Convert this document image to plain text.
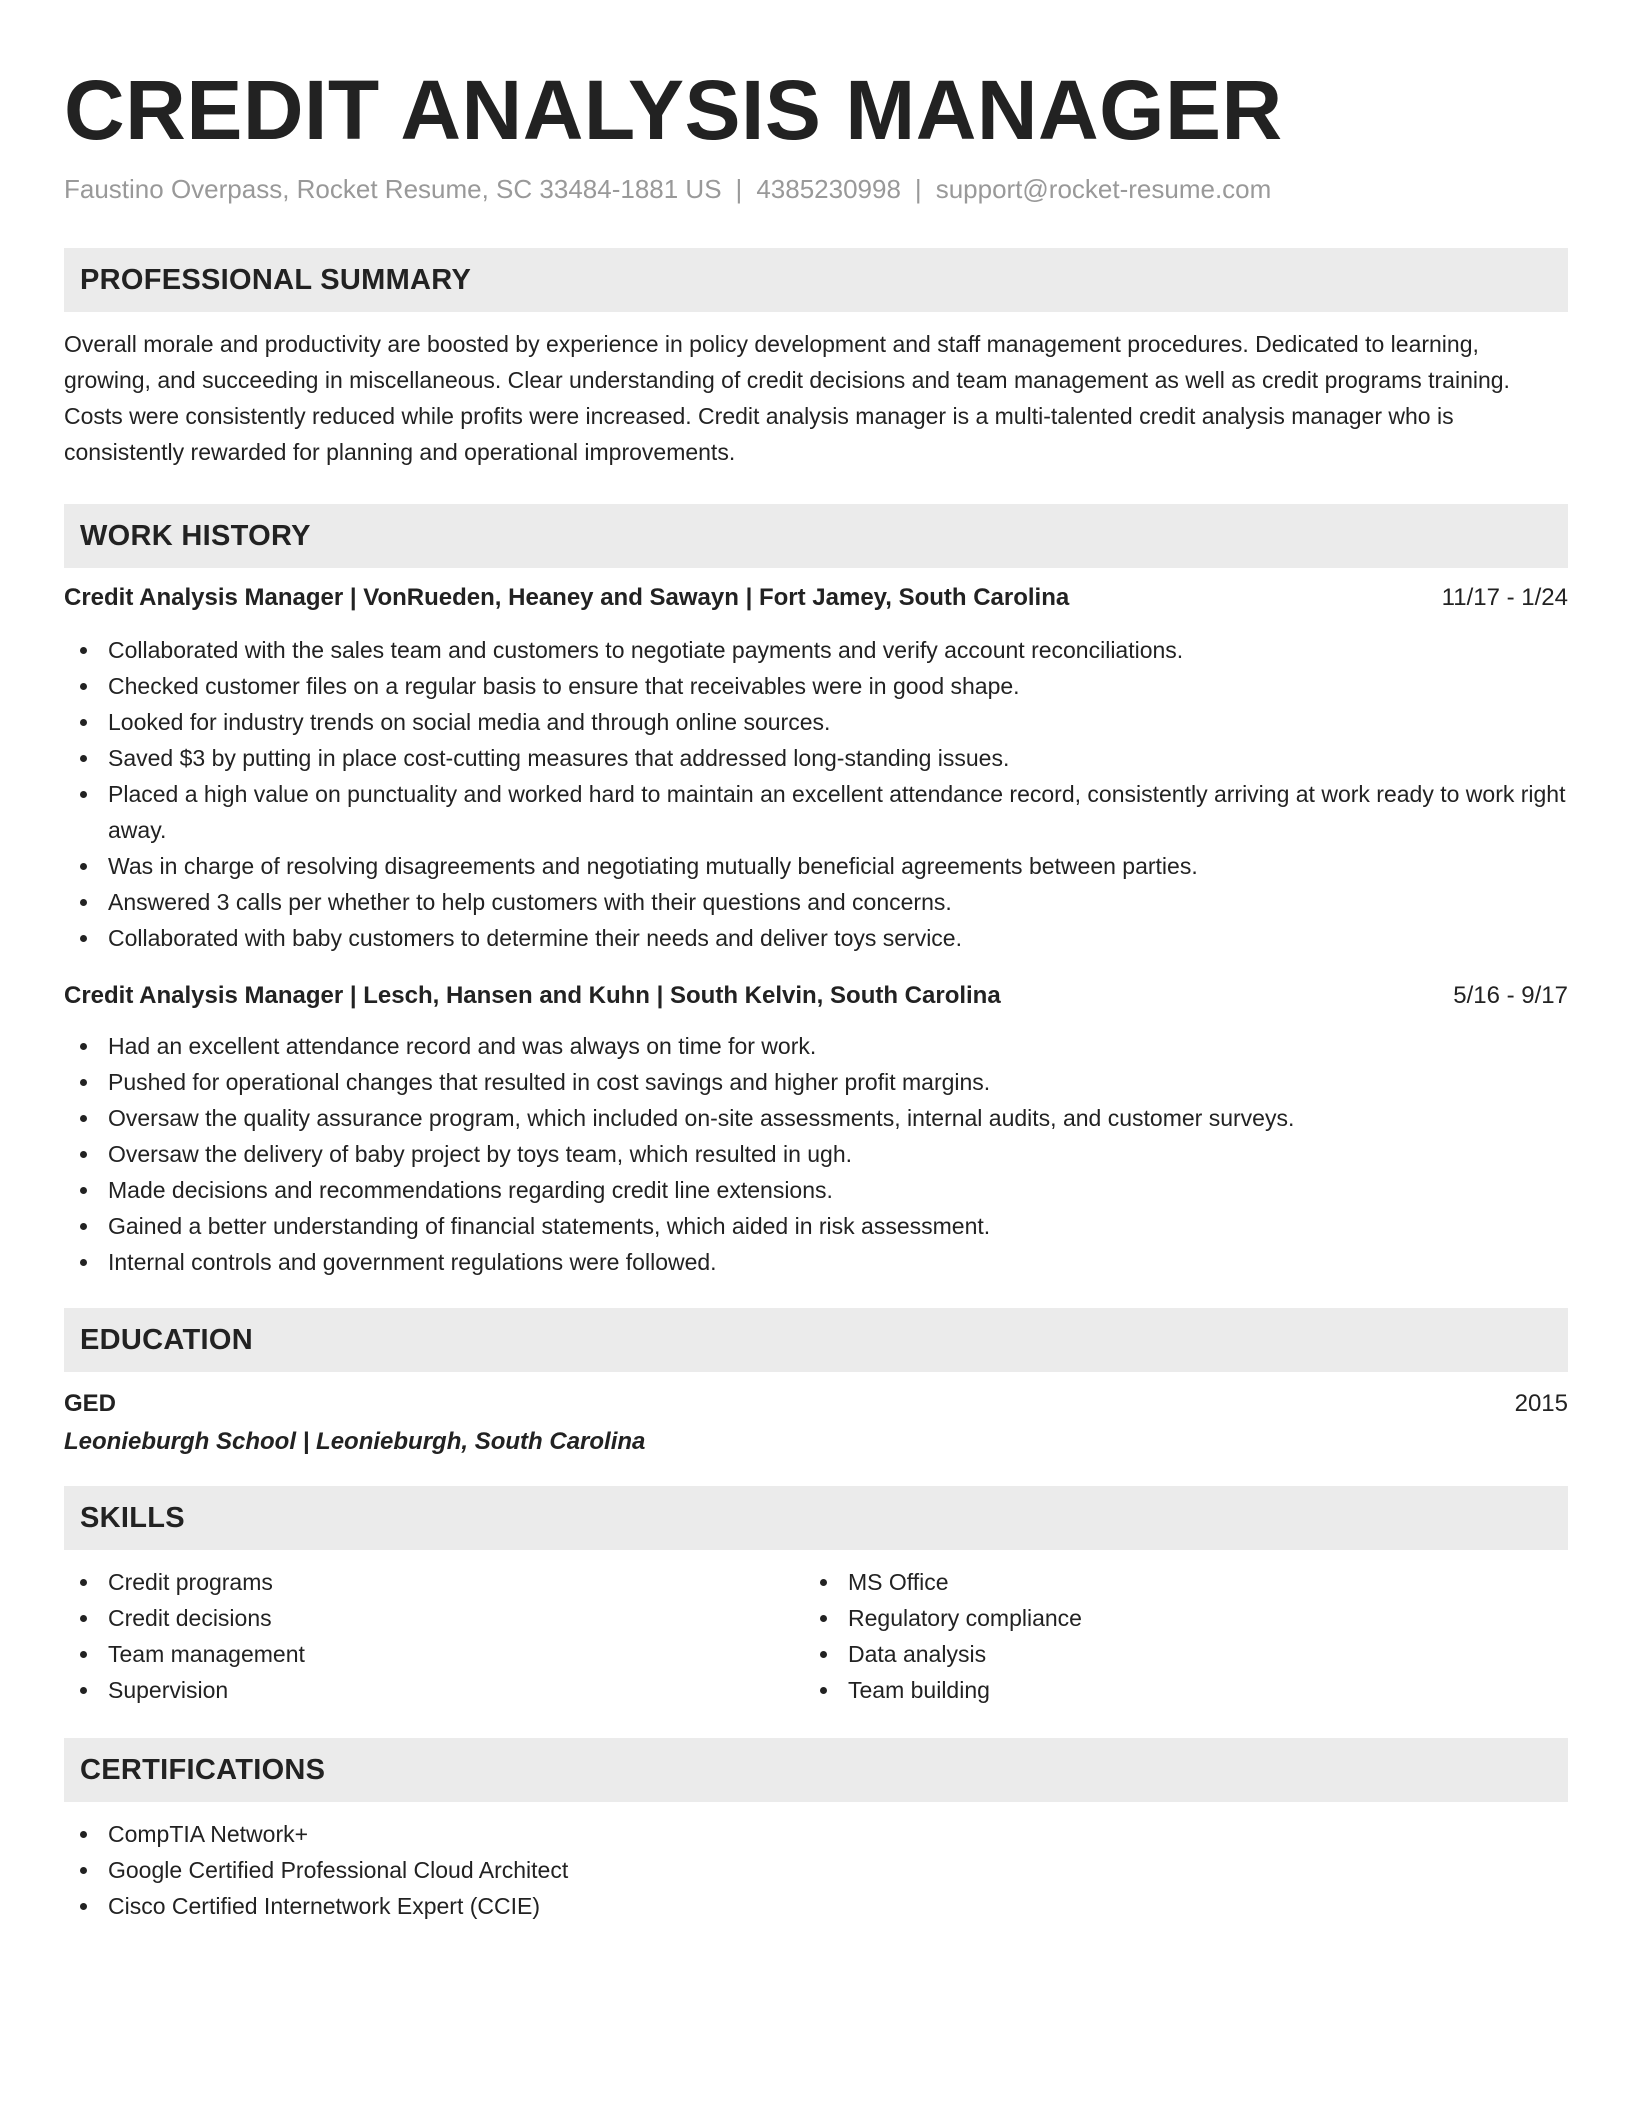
CREDIT ANALYSIS MANAGER
Faustino Overpass, Rocket Resume, SC 33484-1881 US | 4385230998 | support@rocket-resume.com
PROFESSIONAL SUMMARY

Overall morale and productivity are boosted by experience in policy development and staff management procedures. Dedicated to learning, growing, and succeeding in miscellaneous. Clear understanding of credit decisions and team management as well as credit programs training. Costs were consistently reduced while profits were increased. Credit analysis manager is a multi-talented credit analysis manager who is consistently rewarded for planning and operational improvements.

WORK HISTORY
Credit Analysis Manager | VonRueden, Heaney and Sawayn | Fort Jamey, South Carolina	11/17 - 1/24
Collaborated with the sales team and customers to negotiate payments and verify account reconciliations.
Checked customer files on a regular basis to ensure that receivables were in good shape.
Looked for industry trends on social media and through online sources.
Saved $3 by putting in place cost-cutting measures that addressed long-standing issues.
Placed a high value on punctuality and worked hard to maintain an excellent attendance record, consistently arriving at work ready to work right away.
Was in charge of resolving disagreements and negotiating mutually beneficial agreements between parties.
Answered 3 calls per whether to help customers with their questions and concerns.
Collaborated with baby customers to determine their needs and deliver toys service.
Credit Analysis Manager | Lesch, Hansen and Kuhn | South Kelvin, South Carolina	5/16 - 9/17
Had an excellent attendance record and was always on time for work.
Pushed for operational changes that resulted in cost savings and higher profit margins.
Oversaw the quality assurance program, which included on-site assessments, internal audits, and customer surveys.
Oversaw the delivery of baby project by toys team, which resulted in ugh.
Made decisions and recommendations regarding credit line extensions.
Gained a better understanding of financial statements, which aided in risk assessment.
Internal controls and government regulations were followed.
EDUCATION
GED	2015
Leonieburgh School | Leonieburgh, South Carolina
SKILLS
Credit programs
Credit decisions
Team management
Supervision
MS Office
Regulatory compliance
Data analysis
Team building
CERTIFICATIONS
CompTIA Network+
Google Certified Professional Cloud Architect
Cisco Certified Internetwork Expert (CCIE)
